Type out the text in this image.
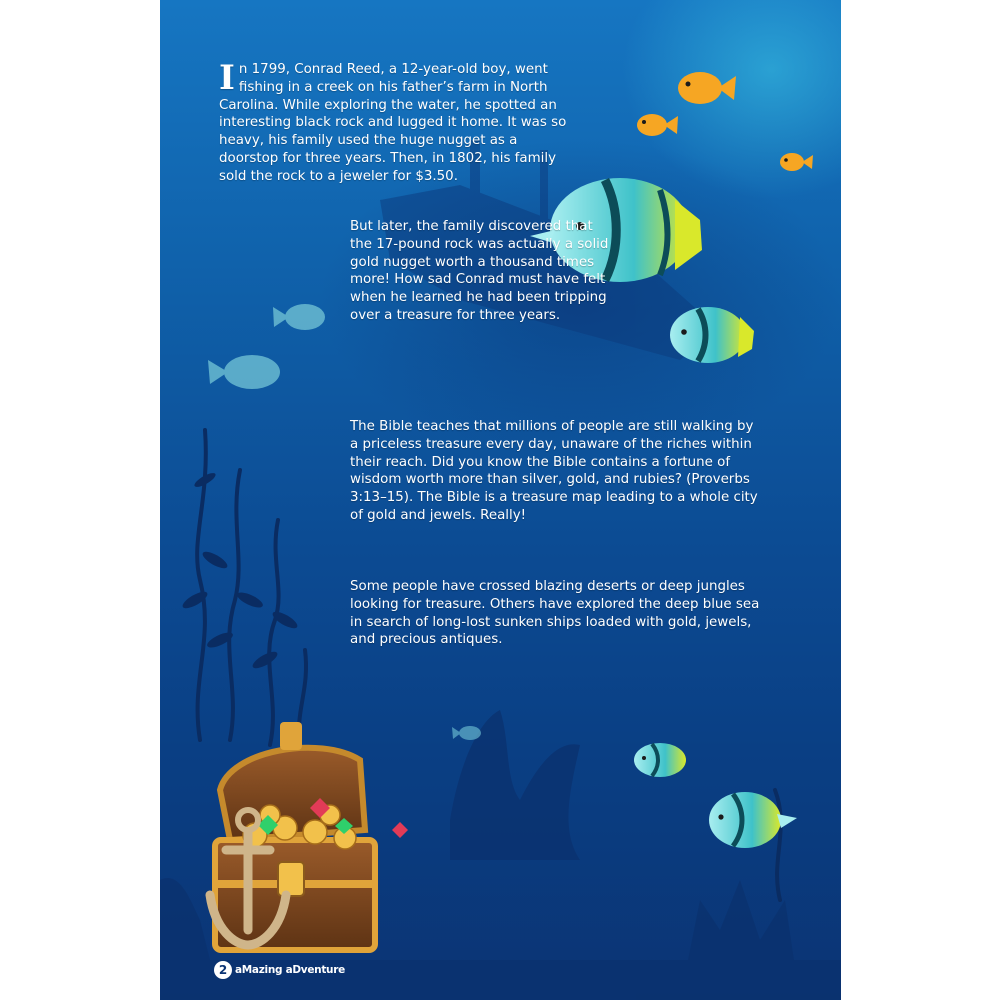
In 1799, Conrad Reed, a 12-year-old boy, went fishing in a creek on his father’s farm in North Carolina. While exploring the water, he spotted an interesting black rock and lugged it home. It was so heavy, his family used the huge nugget as a doorstop for three years. Then, in 1802, his family sold the rock to a jeweler for $3.50.

But later, the family discovered that the 17-pound rock was actually a solid gold nugget worth a thousand times more! How sad Conrad must have felt when he learned he had been tripping over a treasure for three years.

The Bible teaches that millions of people are still walking by a priceless treasure every day, unaware of the riches within their reach. Did you know the Bible contains a fortune of wisdom worth more than silver, gold, and rubies? (Proverbs 3:13–15). The Bible is a treasure map leading to a whole city of gold and jewels. Really!

Some people have crossed blazing deserts or deep jungles looking for treasure. Others have explored the deep blue sea in search of long-lost sunken ships loaded with gold, jewels, and precious antiques.

2 aMazing aDventure
